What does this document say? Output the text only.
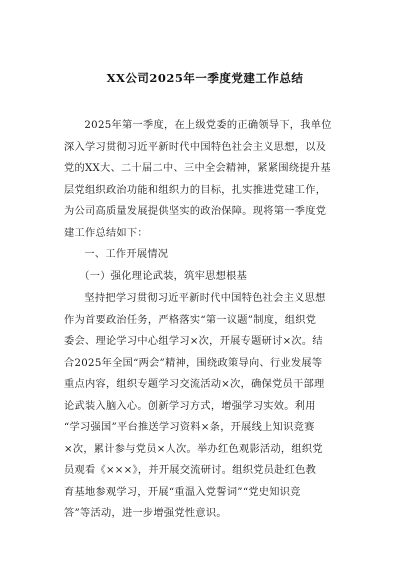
XX公司2025年一季度党建工作总结
2025年第一季度，在上级党委的正确领导下，我单位
深入学习贯彻习近平新时代中国特色社会主义思想，以及
党的XX大、二十届二中、三中全会精神，紧紧围绕提升基
层党组织政治功能和组织力的目标，扎实推进党建工作，
为公司高质量发展提供坚实的政治保障。现将第一季度党
建工作总结如下：
一、工作开展情况
（一）强化理论武装，筑牢思想根基
坚持把学习贯彻习近平新时代中国特色社会主义思想
作为首要政治任务，严格落实“第一议题”制度，组织党
委会、理论学习中心组学习×次，开展专题研讨×次。结
合2025年全国“两会”精神，围绕政策导向、行业发展等
重点内容，组织专题学习交流活动×次，确保党员干部理
论武装入脑入心。创新学习方式，增强学习实效。利用
“学习强国”平台推送学习资料×条，开展线上知识竞赛
×次，累计参与党员×人次。举办红色观影活动，组织党
员观看《×××》，并开展交流研讨。组织党员赴红色教
育基地参观学习，开展“重温入党誓词”“党史知识竞
答”等活动，进一步增强党性意识。
